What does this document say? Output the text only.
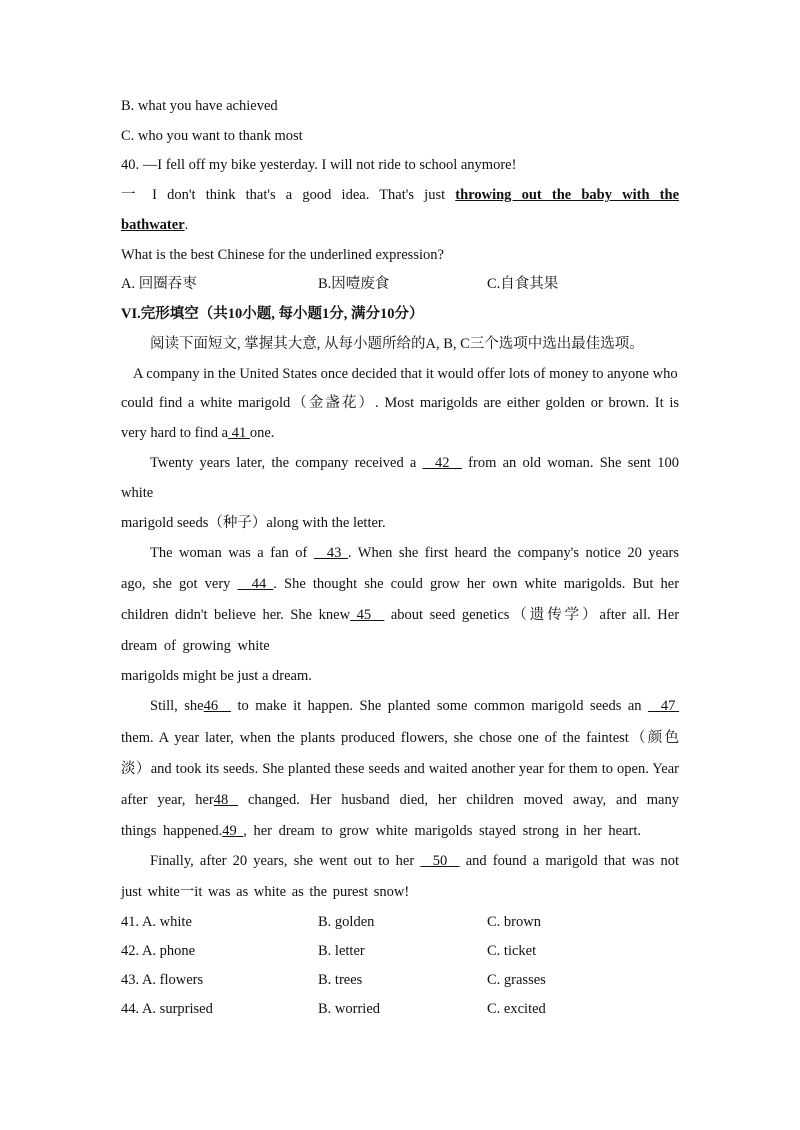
B. what you have achieved
C. who you want to thank most
40. —I fell off my bike yesterday. I will not ride to school anymore!
一 I don't think that's a good idea. That's just throwing out the baby with the
bathwater.
What is the best Chinese for the underlined expression?
A. 回圈吞枣	B.因噎废食	C.自食其果
VI.完形填空（共10小题, 每小题1分, 满分10分）
阅读下面短文, 掌握其大意, 从每小题所给的A, B, C三个选项中选出最佳选项。
A company in the United States once decided that it would offer lots of money to anyone who
could find a white marigold（金盏花）. Most marigolds are either golden or brown. It is
very hard to find a 41 one.
Twenty years later, the company received a 42 from an old woman. She sent 100
white
marigold seeds（种子）along with the letter.
The woman was a fan of 43 . When she first heard the company's notice 20 years
ago, she got very 44 . She thought she could grow her own white marigolds. But her
children didn't believe her. She knew 45 about seed genetics（遗传学）after all. Her
dream of growing white
marigolds might be just a dream.
Still, she46 to make it happen. She planted some common marigold seeds an 47
them. A year later, when the plants produced flowers, she chose one of the faintest（颜色
淡）and took its seeds. She planted these seeds and waited another year for them to open. Year
after year, her48 changed. Her husband died, her children moved away, and many
things happened.49 , her dream to grow white marigolds stayed strong in her heart.
Finally, after 20 years, she went out to her 50 and found a marigold that was not
just white一it was as white as the purest snow!
41. A. white	B. golden	C. brown
42. A. phone	B. letter	C. ticket
43. A. flowers	B. trees	C. grasses
44. A. surprised	B. worried	C. excited
